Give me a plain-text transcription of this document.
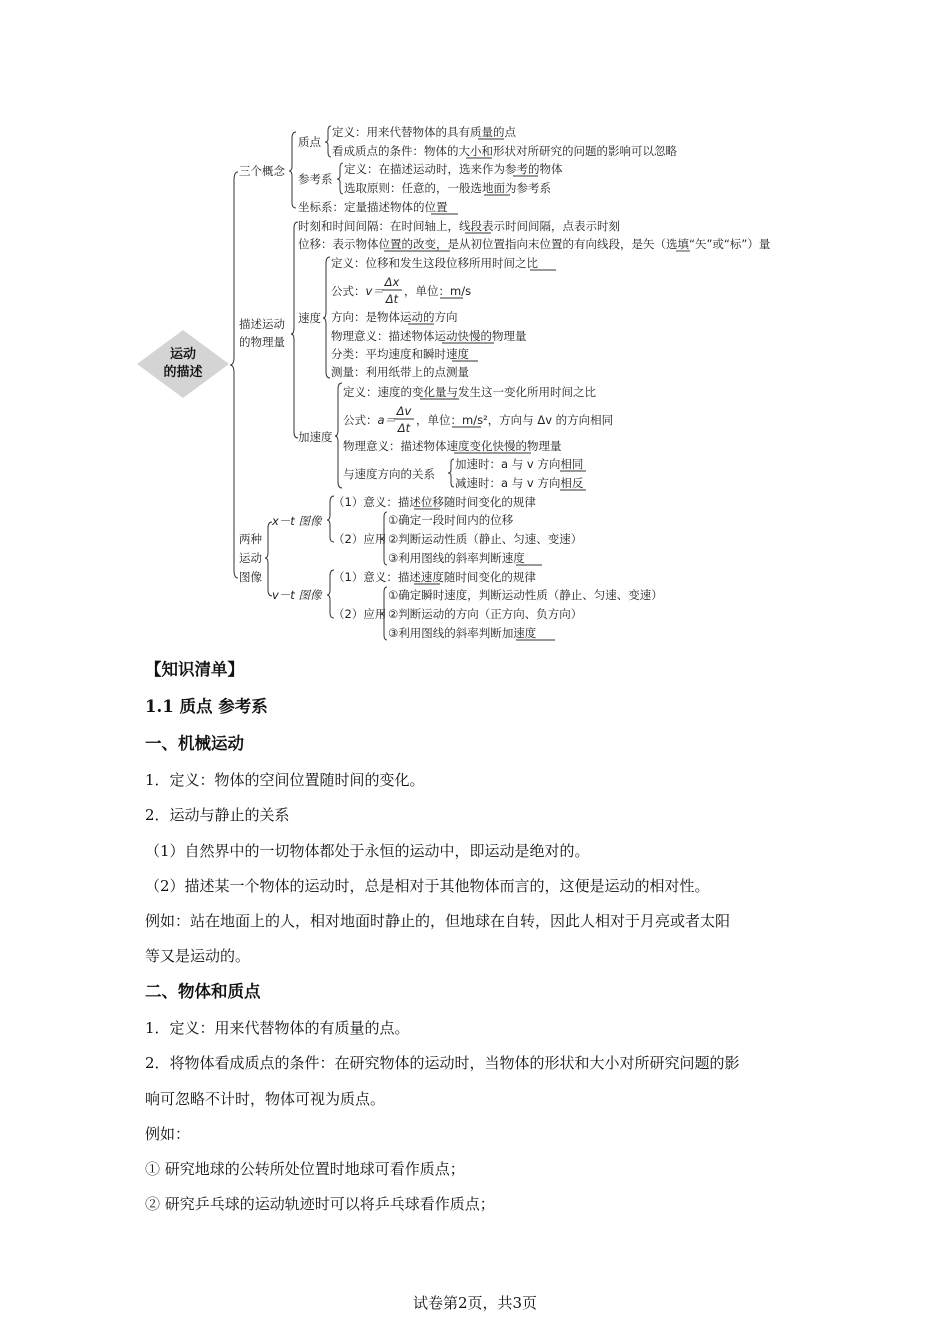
运动
的描述
三个概念
质点
定义：用来代替物体的具有质量的点
看成质点的条件：物体的大小和形状对所研究的问题的影响可以忽略
参考系
定义：在描述运动时，选来作为参考的物体
选取原则：任意的，一般选地面为参考系
坐标系：定量描述物体的位置
描述运动
的物理量
时刻和时间间隔：在时间轴上，线段表示时间间隔，点表示时刻
位移：表示物体位置的改变，是从初位置指向末位置的有向线段，是矢（选填“矢”或“标”）量
速度
定义：位移和发生这段位移所用时间之比
公式：v＝
Δx
Δt
，单位：m/s
方向：是物体运动的方向
物理意义：描述物体运动快慢的物理量
分类：平均速度和瞬时速度
测量：利用纸带上的点测量
加速度
定义：速度的变化量与发生这一变化所用时间之比
公式：a＝
Δv
Δt
，单位：m/s²，方向与 Δv 的方向相同
物理意义：描述物体速度变化快慢的物理量
与速度方向的关系
加速时：a 与 v 方向相同
减速时：a 与 v 方向相反
两种
运动
图像
x－t 图像
（1）意义：描述位移随时间变化的规律
（2）应用
①确定一段时间内的位移
②判断运动性质（静止、匀速、变速）
③利用图线的斜率判断速度
v－t 图像
（1）意义：描述速度随时间变化的规律
（2）应用
①确定瞬时速度，判断运动性质（静止、匀速、变速）
②判断运动的方向（正方向、负方向）
③利用图线的斜率判断加速度
【知识清单】
1.1 质点 参考系
一、机械运动
1．定义：物体的空间位置随时间的变化。
2．运动与静止的关系
（1）自然界中的一切物体都处于永恒的运动中，即运动是绝对的。
（2）描述某一个物体的运动时，总是相对于其他物体而言的，这便是运动的相对性。
例如：站在地面上的人，相对地面时静止的，但地球在自转，因此人相对于月亮或者太阳
等又是运动的。
二、物体和质点
1．定义：用来代替物体的有质量的点。
2．将物体看成质点的条件：在研究物体的运动时，当物体的形状和大小对所研究问题的影
响可忽略不计时，物体可视为质点。
例如：
① 研究地球的公转所处位置时地球可看作质点；
② 研究乒乓球的运动轨迹时可以将乒乓球看作质点；
试卷第2页，共3页
